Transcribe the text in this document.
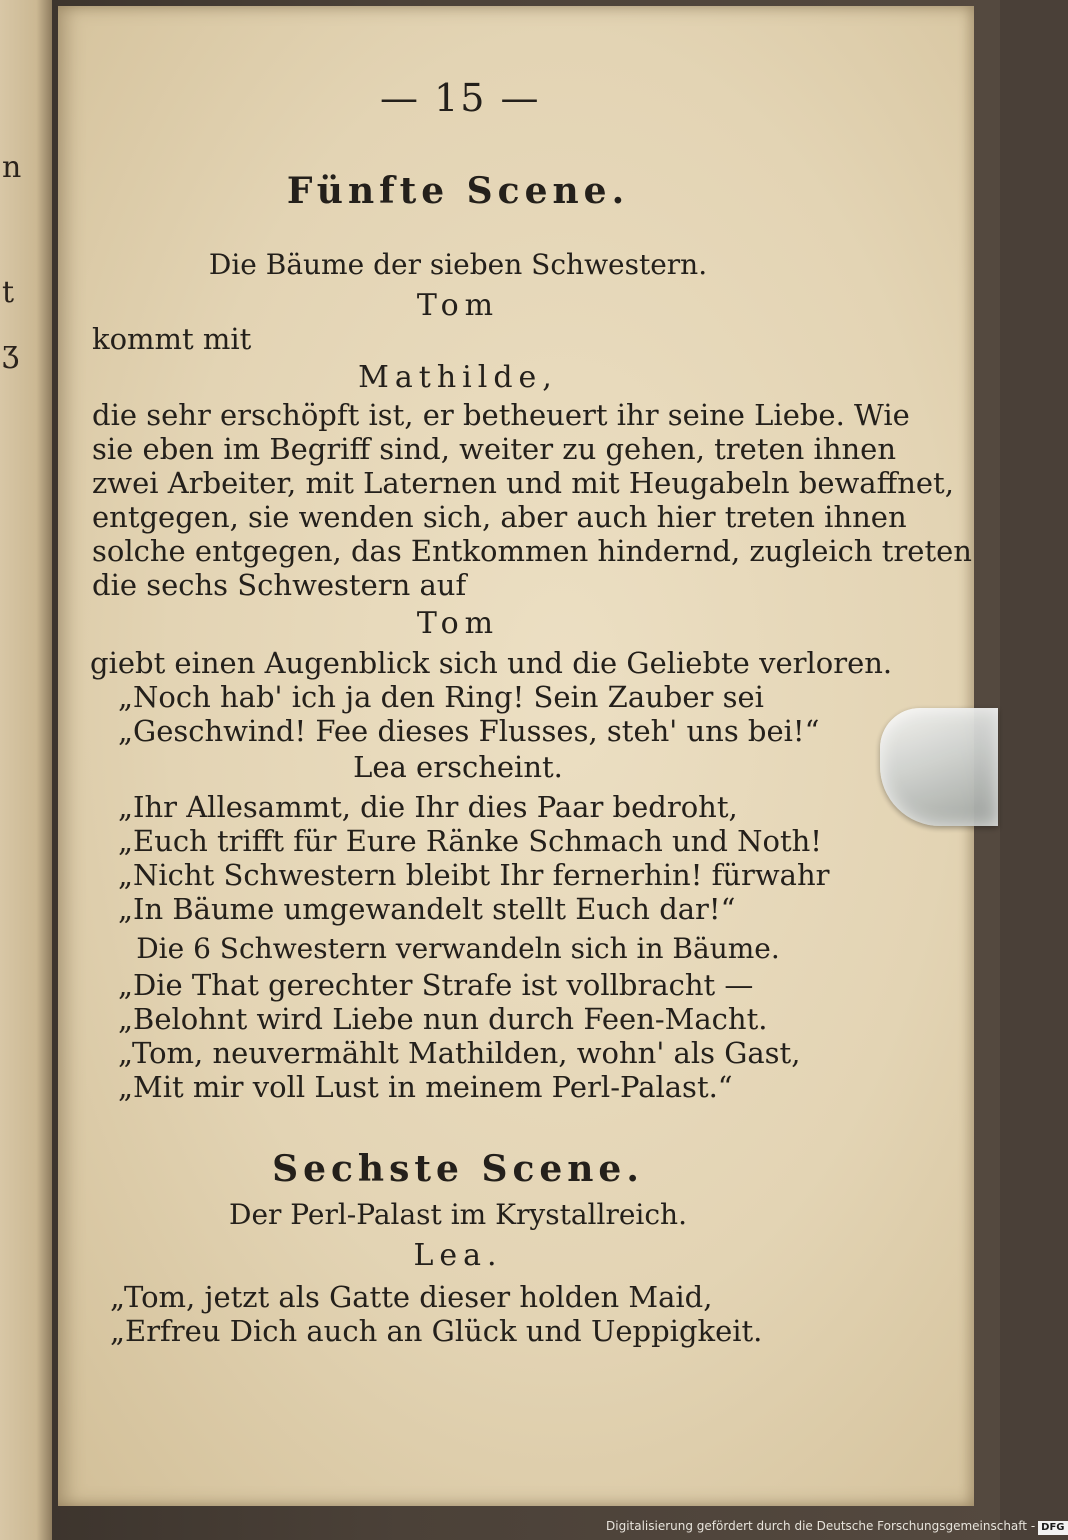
n
t
ʒ
— 15 —
Fünfte Scene.
Die Bäume der sieben Schwestern.
Tom
kommt mit
Mathilde,
die sehr erschöpft ist, er betheuert ihr seine Liebe. Wie
sie eben im Begriff sind, weiter zu gehen, treten ihnen
zwei Arbeiter, mit Laternen und mit Heugabeln bewaffnet,
entgegen, sie wenden sich, aber auch hier treten ihnen
solche entgegen, das Entkommen hindernd, zugleich treten
die sechs Schwestern auf
Tom
giebt einen Augenblick sich und die Geliebte verloren.
„Noch hab' ich ja den Ring! Sein Zauber sei
„Geschwind! Fee dieses Flusses, steh' uns bei!“
Lea erscheint.
„Ihr Allesammt, die Ihr dies Paar bedroht,
„Euch trifft für Eure Ränke Schmach und Noth!
„Nicht Schwestern bleibt Ihr fernerhin! fürwahr
„In Bäume umgewandelt stellt Euch dar!“
Die 6 Schwestern verwandeln sich in Bäume.
„Die That gerechter Strafe ist vollbracht —
„Belohnt wird Liebe nun durch Feen-Macht.
„Tom, neuvermählt Mathilden, wohn' als Gast,
„Mit mir voll Lust in meinem Perl-Palast.“
Sechste Scene.
Der Perl-Palast im Krystallreich.
Lea.
„Tom, jetzt als Gatte dieser holden Maid,
„Erfreu Dich auch an Glück und Ueppigkeit.
Digitalisierung gefördert durch die Deutsche Forschungsgemeinschaft - DFG
